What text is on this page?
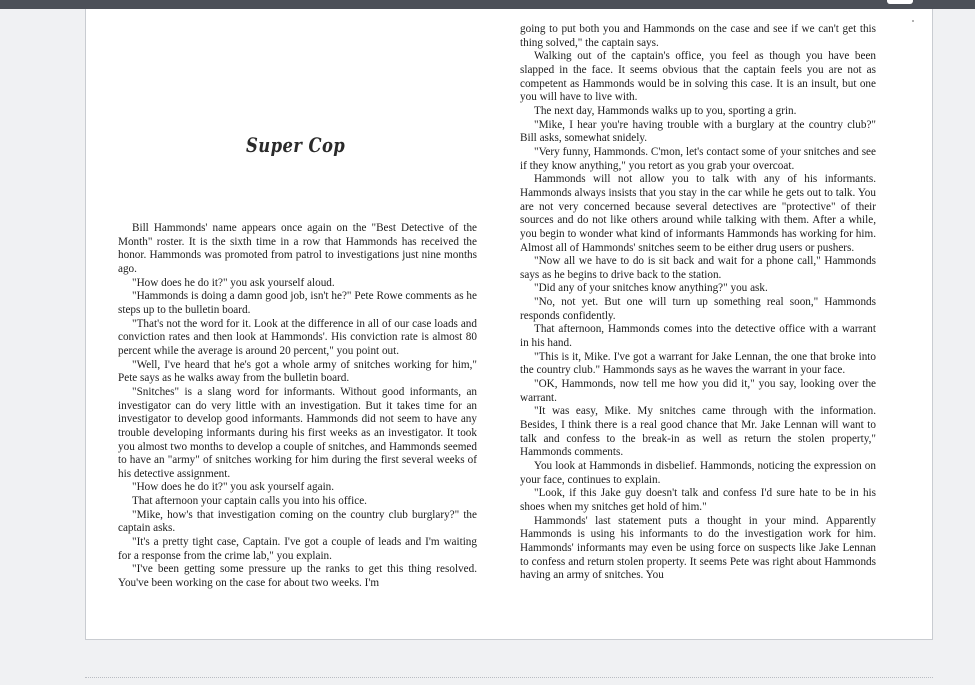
Super Cop

Bill Hammonds' name appears once again on the "Best Detective of the Month" roster. It is the sixth time in a row that Hammonds has received the honor. Hammonds was promoted from patrol to investigations just nine months ago.

"How does he do it?" you ask yourself aloud.

"Hammonds is doing a damn good job, isn't he?" Pete Rowe comments as he steps up to the bulletin board.

"That's not the word for it. Look at the difference in all of our case loads and conviction rates and then look at Hammonds'. His conviction rate is almost 80 percent while the average is around 20 percent," you point out.

"Well, I've heard that he's got a whole army of snitches working for him," Pete says as he walks away from the bulletin board.

"Snitches" is a slang word for informants. Without good informants, an investigator can do very little with an investigation. But it takes time for an investigator to develop good informants. Hammonds did not seem to have any trouble developing informants during his first weeks as an investigator. It took you almost two months to develop a couple of snitches, and Hammonds seemed to have an "army" of snitches working for him during the first several weeks of his detective assignment.

"How does he do it?" you ask yourself again.

That afternoon your captain calls you into his office.

"Mike, how's that investigation coming on the country club burglary?" the captain asks.

"It's a pretty tight case, Captain. I've got a couple of leads and I'm waiting for a response from the crime lab," you explain.

"I've been getting some pressure up the ranks to get this thing resolved. You've been working on the case for about two weeks. I'm

going to put both you and Hammonds on the case and see if we can't get this thing solved," the captain says.

Walking out of the captain's office, you feel as though you have been slapped in the face. It seems obvious that the captain feels you are not as competent as Hammonds would be in solving this case. It is an insult, but one you will have to live with.

The next day, Hammonds walks up to you, sporting a grin.

"Mike, I hear you're having trouble with a burglary at the country club?" Bill asks, somewhat snidely.

"Very funny, Hammonds. C'mon, let's contact some of your snitches and see if they know anything," you retort as you grab your overcoat.

Hammonds will not allow you to talk with any of his informants. Hammonds always insists that you stay in the car while he gets out to talk. You are not very concerned because several detectives are "protective" of their sources and do not like others around while talking with them. After a while, you begin to wonder what kind of informants Hammonds has working for him. Almost all of Hammonds' snitches seem to be either drug users or pushers.

"Now all we have to do is sit back and wait for a phone call," Hammonds says as he begins to drive back to the station.

"Did any of your snitches know anything?" you ask.

"No, not yet. But one will turn up something real soon," Hammonds responds confidently.

That afternoon, Hammonds comes into the detective office with a warrant in his hand.

"This is it, Mike. I've got a warrant for Jake Lennan, the one that broke into the country club." Hammonds says as he waves the warrant in your face.

"OK, Hammonds, now tell me how you did it," you say, looking over the warrant.

"It was easy, Mike. My snitches came through with the information. Besides, I think there is a real good chance that Mr. Jake Lennan will want to talk and confess to the break-in as well as return the stolen property," Hammonds comments.

You look at Hammonds in disbelief. Hammonds, noticing the expression on your face, continues to explain.

"Look, if this Jake guy doesn't talk and confess I'd sure hate to be in his shoes when my snitches get hold of him."

Hammonds' last statement puts a thought in your mind. Apparently Hammonds is using his informants to do the investigation work for him. Hammonds' informants may even be using force on suspects like Jake Lennan to confess and return stolen property. It seems Pete was right about Hammonds having an army of snitches. You
